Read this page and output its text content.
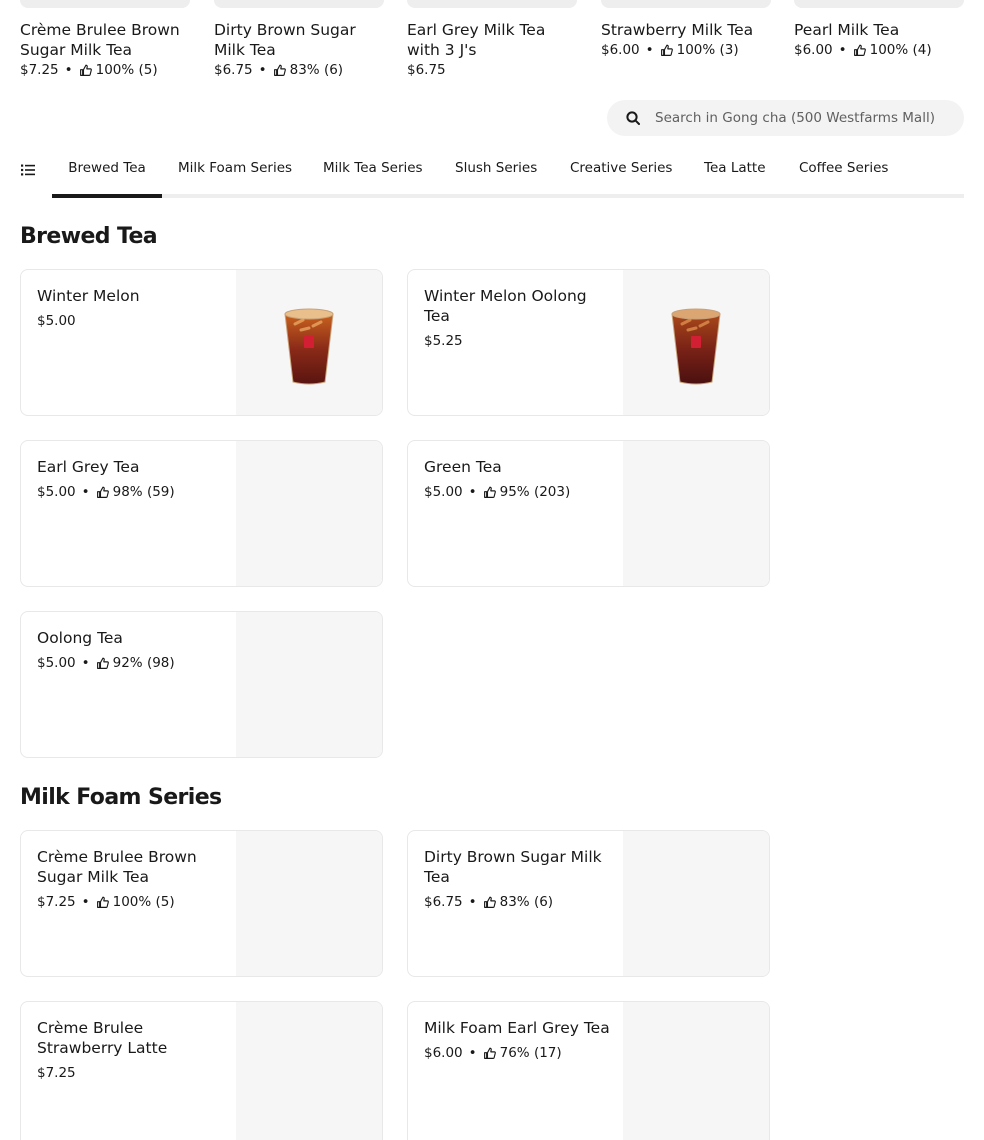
Crème Brulee Brown Sugar Milk Tea
$7.25 • 100%
(5)
Dirty Brown Sugar Milk Tea
$6.75 • 83%
(6)
Earl Grey Milk Tea with 3 J's
$6.75
Strawberry Milk Tea
$6.00 • 100%
(3)
Pearl Milk Tea
$6.00 • 100%
(4)
Search in Gong cha (500 Westfarms Mall)
Brewed Tea	Milk Foam Series Milk Tea Series Slush Series Creative Series Tea Latte Coffee Series
Brewed Tea
Winter Melon
$5.00
Winter Melon Oolong Tea
$5.25
Earl Grey Tea
$5.00 • 98%
(59)
Green Tea
$5.00 • 95%
(203)
Oolong Tea
$5.00 • 92%
(98)
Milk Foam Series
Crème Brulee Brown Sugar Milk Tea
$7.25 • 100%
(5)
Dirty Brown Sugar Milk Tea
$6.75 • 83%
(6)
Crème Brulee Strawberry Latte
$7.25
Milk Foam Earl Grey Tea
$6.00 • 76%
(17)
